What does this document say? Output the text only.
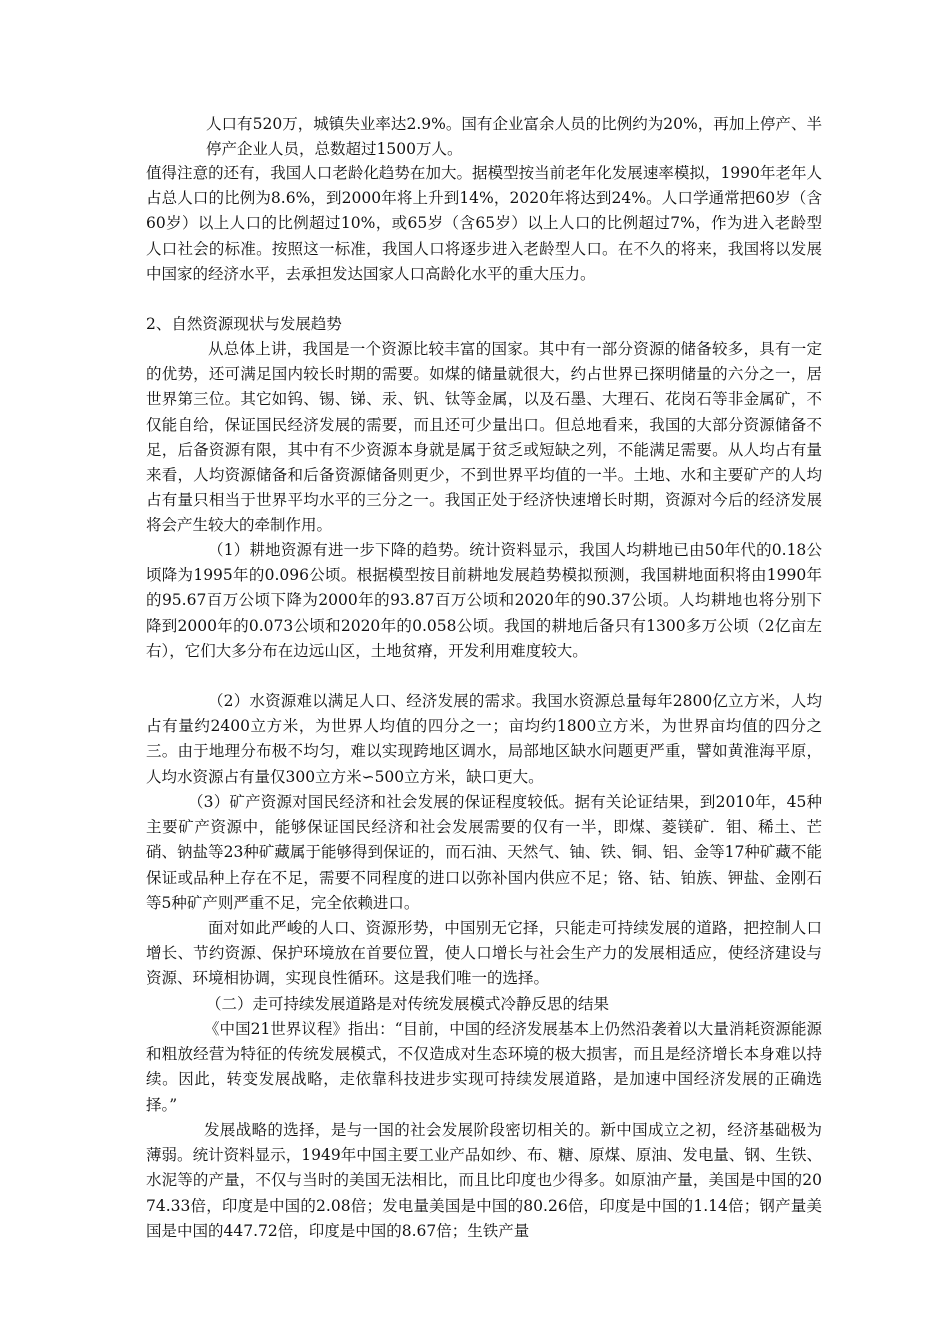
人口有520万，城镇失业率达2.9%。国有企业富余人员的比例约为20%，再加上停产、半停产企业人员，总数超过1500万人。

值得注意的还有，我国人口老龄化趋势在加大。据模型按当前老年化发展速率模拟，1990年老年人占总人口的比例为8.6%，到2000年将上升到14%，2020年将达到24%。人口学通常把60岁（含60岁）以上人口的比例超过10%，或65岁（含65岁）以上人口的比例超过7%，作为进入老龄型人口社会的标准。按照这一标准，我国人口将逐步进入老龄型人口。在不久的将来，我国将以发展中国家的经济水平，去承担发达国家人口高龄化水平的重大压力。

2、自然资源现状与发展趋势

从总体上讲，我国是一个资源比较丰富的国家。其中有一部分资源的储备较多，具有一定的优势，还可满足国内较长时期的需要。如煤的储量就很大，约占世界已探明储量的六分之一，居世界第三位。其它如钨、锡、锑、汞、钒、钛等金属，以及石墨、大理石、花岗石等非金属矿，不仅能自给，保证国民经济发展的需要，而且还可少量出口。但总地看来，我国的大部分资源储备不足，后备资源有限，其中有不少资源本身就是属于贫乏或短缺之列，不能满足需要。从人均占有量来看，人均资源储备和后备资源储备则更少，不到世界平均值的一半。土地、水和主要矿产的人均占有量只相当于世界平均水平的三分之一。我国正处于经济快速增长时期，资源对今后的经济发展将会产生较大的牵制作用。

（1）耕地资源有进一步下降的趋势。统计资料显示，我国人均耕地已由50年代的0.18公顷降为1995年的0.096公顷。根据模型按目前耕地发展趋势模拟预测，我国耕地面积将由1990年的95.67百万公顷下降为2000年的93.87百万公顷和2020年的90.37公顷。人均耕地也将分别下降到2000年的0.073公顷和2020年的0.058公顷。我国的耕地后备只有1300多万公顷（2亿亩左右），它们大多分布在边远山区，土地贫瘠，开发利用难度较大。

（2）水资源难以满足人口、经济发展的需求。我国水资源总量每年2800亿立方米，人均占有量约2400立方米，为世界人均值的四分之一；亩均约1800立方米，为世界亩均值的四分之三。由于地理分布极不均匀，难以实现跨地区调水，局部地区缺水问题更严重，譬如黄淮海平原，人均水资源占有量仅300立方米∽500立方米，缺口更大。

（3）矿产资源对国民经济和社会发展的保证程度较低。据有关论证结果，到2010年，45种主要矿产资源中，能够保证国民经济和社会发展需要的仅有一半，即煤、菱镁矿．钼、稀土、芒硝、钠盐等23种矿藏属于能够得到保证的，而石油、天然气、铀、铁、铜、铝、金等17种矿藏不能保证或品种上存在不足，需要不同程度的进口以弥补国内供应不足；铬、钴、铂族、钾盐、金刚石等5种矿产则严重不足，完全依赖进口。

面对如此严峻的人口、资源形势，中国别无它择，只能走可持续发展的道路，把控制人口增长、节约资源、保护环境放在首要位置，使人口增长与社会生产力的发展相适应，使经济建设与资源、环境相协调，实现良性循环。这是我们唯一的选择。

（二）走可持续发展道路是对传统发展模式冷静反思的结果

《中国21世界议程》指出：“目前，中国的经济发展基本上仍然沿袭着以大量消耗资源能源和粗放经营为特征的传统发展模式，不仅造成对生态环境的极大损害，而且是经济增长本身难以持续。因此，转变发展战略，走依靠科技进步实现可持续发展道路，是加速中国经济发展的正确选择。”

发展战略的选择，是与一国的社会发展阶段密切相关的。新中国成立之初，经济基础极为薄弱。统计资料显示，1949年中国主要工业产品如纱、布、糖、原煤、原油、发电量、钢、生铁、水泥等的产量，不仅与当时的美国无法相比，而且比印度也少得多。如原油产量，美国是中国的2074.33倍，印度是中国的2.08倍；发电量美国是中国的80.26倍，印度是中国的1.14倍；钢产量美国是中国的447.72倍，印度是中国的8.67倍；生铁产量
